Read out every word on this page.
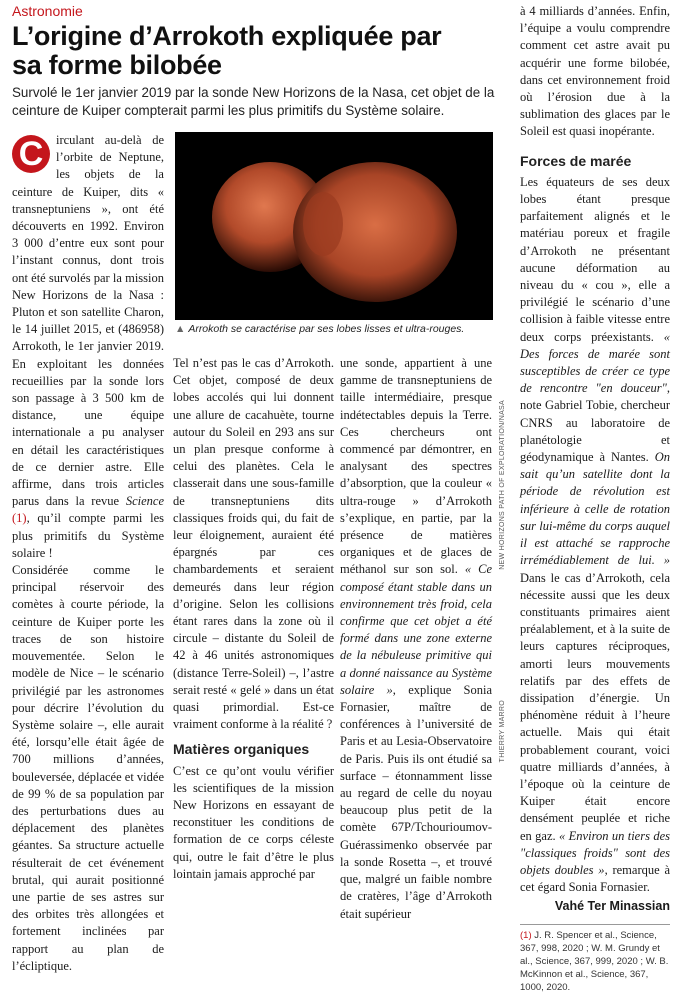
Astronomie
L’origine d’Arrokoth expliquée par sa forme bilobée
Survolé le 1er janvier 2019 par la sonde New Horizons de la Nasa, cet objet de la ceinture de Kuiper compterait parmi les plus primitifs du Système solaire.

C	irculant au-delà de l’orbite de Neptune, les objets de la ceinture de Kuiper, dits « transneptuniens », ont été découverts en 1992. Environ 3 000 d’entre eux sont pour l’instant connus, dont trois ont été survolés par la mission New Horizons de la Nasa : Pluton et son satellite Charon, le 14 juillet 2015, et (486958) Arrokoth, le 1er janvier 2019. En exploitant les données recueillies par la sonde lors son passage à 3 500 km de distance, une équipe internationale a pu analyser en détail les caractéristiques de ce dernier astre. Elle affirme, dans trois articles parus dans la revue Science (1), qu’il compte parmi les plus primitifs du Système solaire !

Considérée comme le principal réservoir des comètes à courte période, la ceinture de Kuiper porte les traces de son histoire mouvementée. Selon le modèle de Nice – le scénario privilégié par les astronomes pour décrire l’évolution du Système solaire –, elle aurait été, lorsqu’elle était âgée de 700 millions d’années, bouleversée, déplacée et vidée de 99 % de sa population par des perturbations dues au déplacement des planètes géantes. Sa structure actuelle résulterait de cet événement brutal, qui aurait positionné une partie de ses astres sur des orbites très allongées et fortement inclinées par rapport au plan de l’écliptique.

▲ Arrokoth se caractérise par ses lobes lisses et ultra-rouges.
NEW HORIZONS PATH OF EXPLORATION/NASA
THIERRY MARRO

Tel n’est pas le cas d’Arrokoth. Cet objet, composé de deux lobes accolés qui lui donnent une allure de cacahuète, tourne autour du Soleil en 293 ans sur un plan presque conforme à celui des planètes. Cela le classerait dans une sous-famille de transneptuniens dits classiques froids qui, du fait de leur éloignement, auraient été épargnés par ces chambardements et seraient demeurés dans leur région d’origine. Selon les collisions étant rares dans la zone où il circule – distante du Soleil de 42 à 46 unités astronomiques (distance Terre-Soleil) –, l’astre serait resté « gelé » dans un état quasi primordial. Est-ce vraiment conforme à la réalité ?

Matières organiques

C’est ce qu’ont voulu vérifier les scientifiques de la mission New Horizons en essayant de reconstituer les conditions de formation de ce corps céleste qui, outre le fait d’être le plus lointain jamais approché par

une sonde, appartient à une gamme de transneptuniens de taille intermédiaire, presque indétectables depuis la Terre. Ces chercheurs ont commencé par démontrer, en analysant des spectres d’absorption, que la couleur « ultra-rouge » d’Arrokoth s’explique, en partie, par la présence de matières organiques et de glaces de méthanol sur son sol. « Ce composé étant stable dans un environnement très froid, cela confirme que cet objet a été formé dans une zone externe de la nébuleuse primitive qui a donné naissance au Système solaire », explique Sonia Fornasier, maître de conférences à l’université de Paris et au Lesia-Observatoire de Paris. Puis ils ont étudié sa surface – étonnamment lisse au regard de celle du noyau beaucoup plus petit de la comète 67P/Tchourioumov-Guérassimenko observée par la sonde Rosetta –, et trouvé que, malgré un faible nombre de cratères, l’âge d’Arrokoth était supérieur

à 4 milliards d’années. Enfin, l’équipe a voulu comprendre comment cet astre avait pu acquérir une forme bilobée, dans cet environnement froid où l’érosion due à la sublimation des glaces par le Soleil est quasi inopérante.

Forces de marée

Les équateurs de ses deux lobes étant presque parfaitement alignés et le matériau poreux et fragile d’Arrokoth ne présentant aucune déformation au niveau du « cou », elle a privilégié le scénario d’une collision à faible vitesse entre deux corps préexistants. « Des forces de marée sont susceptibles de créer ce type de rencontre "en douceur", note Gabriel Tobie, chercheur CNRS au laboratoire de planétologie et géodynamique à Nantes. On sait qu’un satellite dont la période de révolution est inférieure à celle de rotation sur lui-même du corps auquel il est attaché se rapproche irrémédiablement de lui. » Dans le cas d’Arrokoth, cela nécessite aussi que les deux constituants primaires aient préalablement, et à la suite de leurs captures réciproques, amorti leurs mouvements relatifs par des effets de dissipation d’énergie. Un phénomène réduit à l’heure actuelle. Mais qui était probablement courant, voici quatre milliards d’années, à l’époque où la ceinture de Kuiper était encore densément peuplée et riche en gaz. « Environ un tiers des "classiques froids" sont des objets doubles », remarque à cet égard Sonia Fornasier.

Vahé Ter Minassian
(1) J. R. Spencer et al., Science, 367, 998, 2020 ; W. M. Grundy et al., Science, 367, 999, 2020 ; W. B. McKinnon et al., Science, 367, 1000, 2020.
